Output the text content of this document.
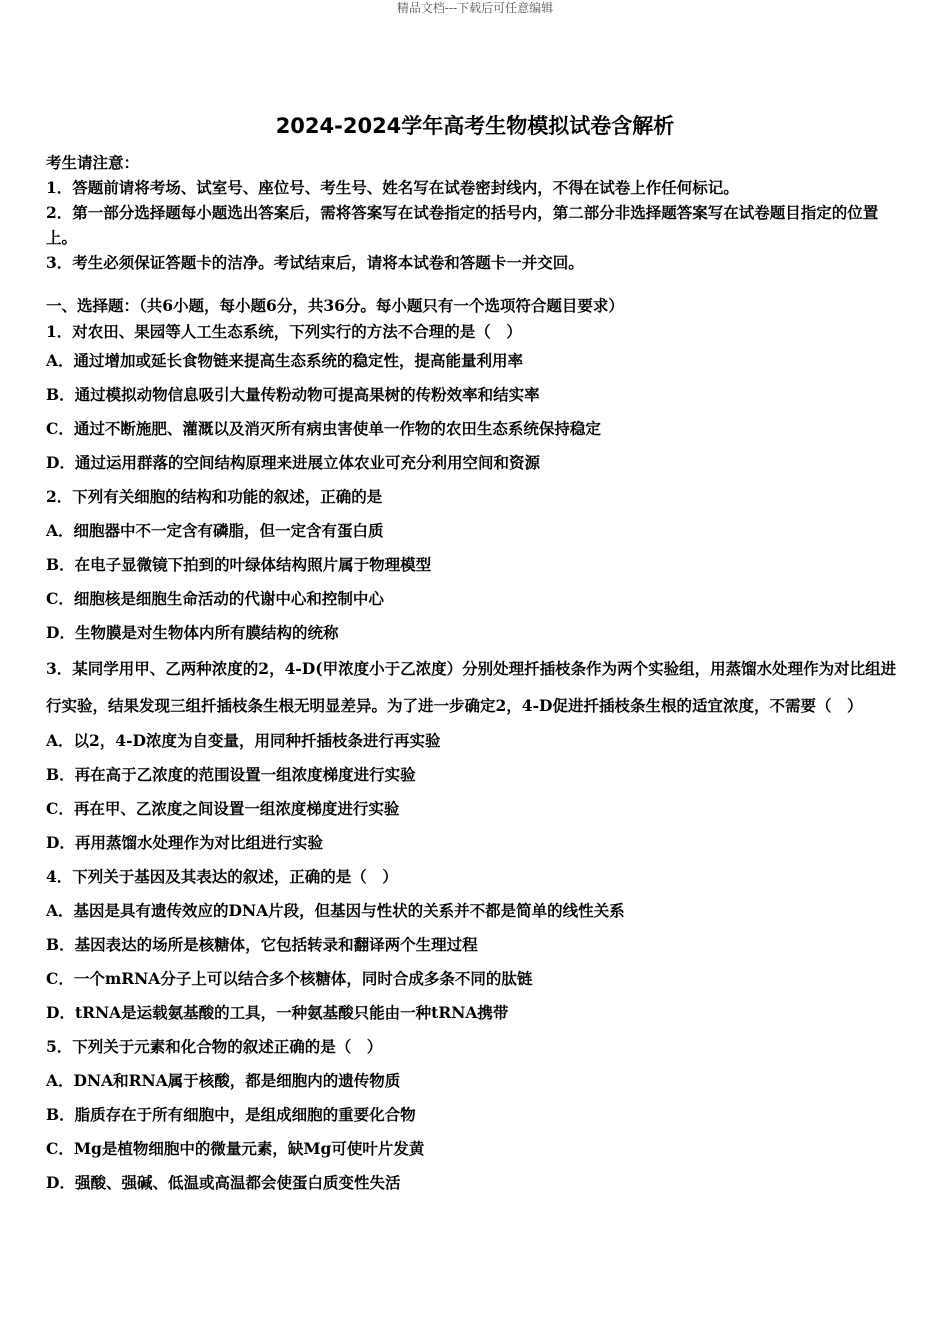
精品文档---下载后可任意编辑
2024-2024学年高考生物模拟试卷含解析
考生请注意：
1．答题前请将考场、试室号、座位号、考生号、姓名写在试卷密封线内，不得在试卷上作任何标记。
2．第一部分选择题每小题选出答案后，需将答案写在试卷指定的括号内，第二部分非选择题答案写在试卷题目指定的位置上。
3．考生必须保证答题卡的洁净。考试结束后，请将本试卷和答题卡一并交回。
一、选择题：（共6小题，每小题6分，共36分。每小题只有一个选项符合题目要求）
1．对农田、果园等人工生态系统，下列实行的方法不合理的是（　）
A．通过增加或延长食物链来提高生态系统的稳定性，提高能量利用率
B．通过模拟动物信息吸引大量传粉动物可提高果树的传粉效率和结实率
C．通过不断施肥、灌溉以及消灭所有病虫害使单一作物的农田生态系统保持稳定
D．通过运用群落的空间结构原理来进展立体农业可充分利用空间和资源
2．下列有关细胞的结构和功能的叙述，正确的是
A．细胞器中不一定含有磷脂，但一定含有蛋白质
B．在电子显微镜下拍到的叶绿体结构照片属于物理模型
C．细胞核是细胞生命活动的代谢中心和控制中心
D．生物膜是对生物体内所有膜结构的统称
3．某同学用甲、乙两种浓度的2，4-D(甲浓度小于乙浓度）分别处理扦插枝条作为两个实验组，用蒸馏水处理作为对比组进行实验，结果发现三组扦插枝条生根无明显差异。为了进一步确定2，4-D促进扦插枝条生根的适宜浓度，不需要（　）
A．以2，4-D浓度为自变量，用同种扦插枝条进行再实验
B．再在高于乙浓度的范围设置一组浓度梯度进行实验
C．再在甲、乙浓度之间设置一组浓度梯度进行实验
D．再用蒸馏水处理作为对比组进行实验
4．下列关于基因及其表达的叙述，正确的是（　）
A．基因是具有遗传效应的DNA片段，但基因与性状的关系并不都是简单的线性关系
B．基因表达的场所是核糖体，它包括转录和翻译两个生理过程
C．一个mRNA分子上可以结合多个核糖体，同时合成多条不同的肽链
D．tRNA是运载氨基酸的工具，一种氨基酸只能由一种tRNA携带
5．下列关于元素和化合物的叙述正确的是（　）
A．DNA和RNA属于核酸，都是细胞内的遗传物质
B．脂质存在于所有细胞中，是组成细胞的重要化合物
C．Mg是植物细胞中的微量元素，缺Mg可使叶片发黄
D．强酸、强碱、低温或高温都会使蛋白质变性失活
